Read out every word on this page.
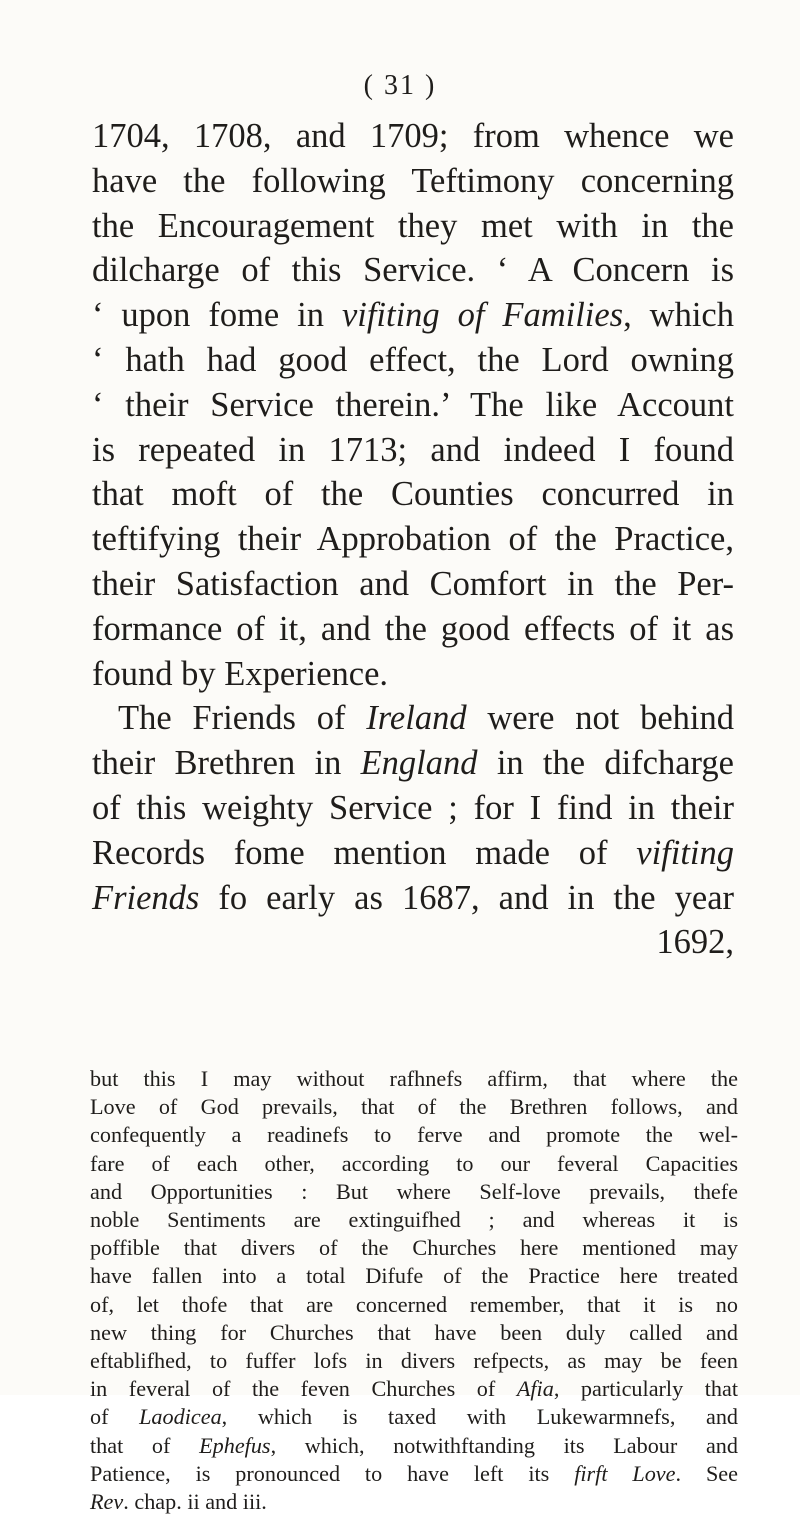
( 31 )
1704, 1708, and 1709; from whence we
have the following Teftimony concerning
the Encouragement they met with in the
dilcharge of this Service. ‘ A Concern is
‘ upon fome in vifiting of Families, which
‘ hath had good effect, the Lord owning
‘ their Service therein.’ The like Account
is repeated in 1713; and indeed I found
that moft of the Counties concurred in
teftifying their Approbation of the Practice,
their Satisfaction and Comfort in the Per-
formance of it, and the good effects of it as
found by Experience.
The Friends of Ireland were not behind
their Brethren in England in the difcharge
of this weighty Service ; for I find in their
Records fome mention made of vifiting
Friends fo early as 1687, and in the year
1692,
but this I may without rafhnefs affirm, that where the
Love of God prevails, that of the Brethren follows, and
confequently a readinefs to ferve and promote the wel-
fare of each other, according to our feveral Capacities
and Opportunities : But where Self-love prevails, thefe
noble Sentiments are extinguifhed ; and whereas it is
poffible that divers of the Churches here mentioned may
have fallen into a total Difufe of the Practice here treated
of, let thofe that are concerned remember, that it is no
new thing for Churches that have been duly called and
eftablifhed, to fuffer lofs in divers refpects, as may be feen
in feveral of the feven Churches of Afia, particularly that
of Laodicea, which is taxed with Lukewarmnefs, and
that of Ephefus, which, notwithftanding its Labour and
Patience, is pronounced to have left its firft Love. See
Rev. chap. ii and iii.
